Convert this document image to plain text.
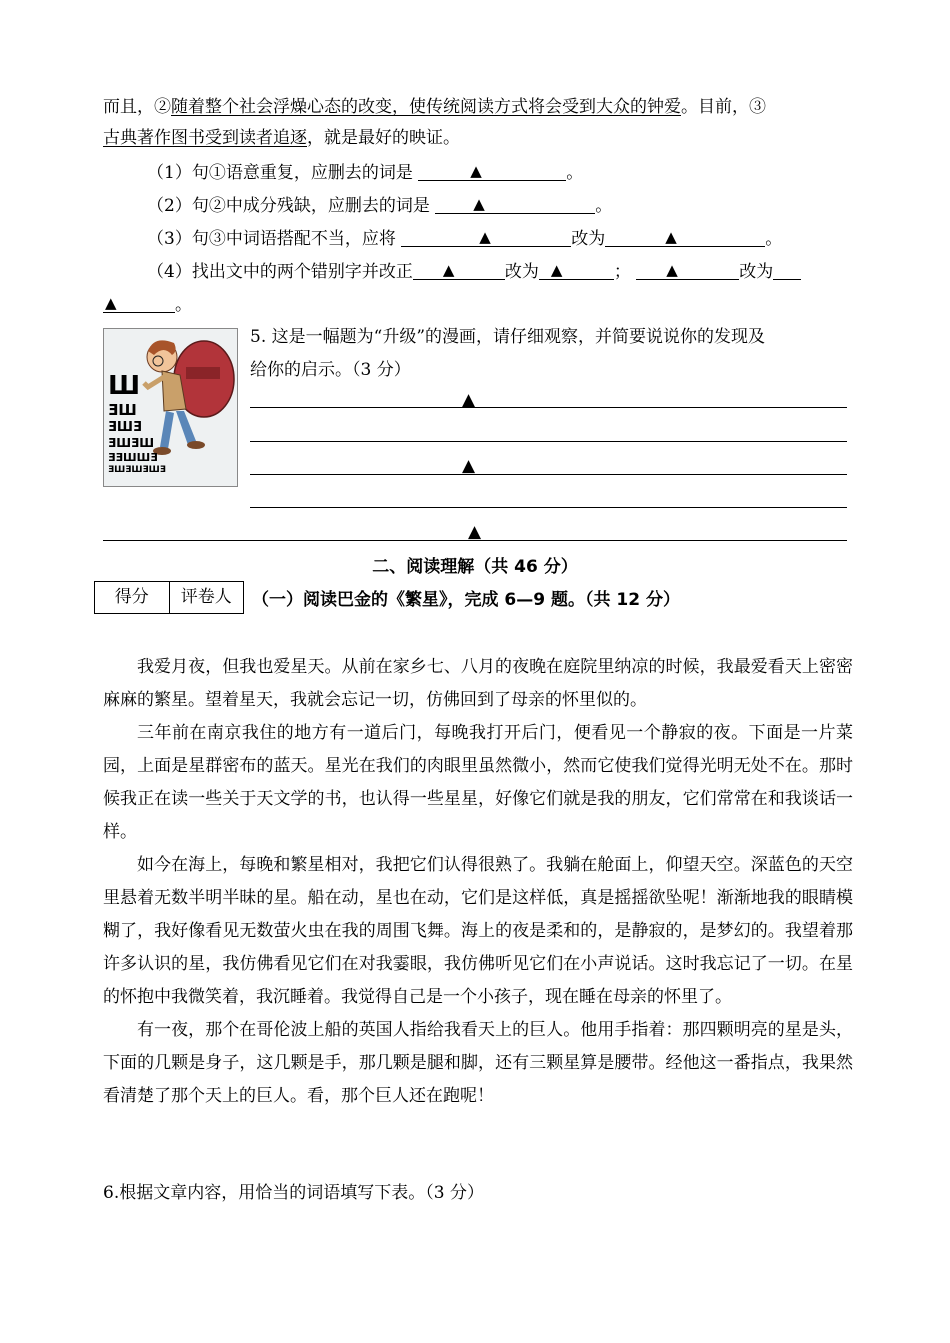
而且，②随着整个社会浮燥心态的改变，使传统阅读方式将会受到大众的钟爱。目前，③
古典著作图书受到读者追逐，就是最好的映证。
（1）句①语意重复，应删去的词是	▲	。
（2）句②中成分残缺，应删去的词是	▲	。
（3）句③中词语搭配不当，应将	▲	改为	▲	。
（4）找出文中的两个错别字并改正 ▲	改为 ▲	； ▲	改为
▲	。
Ш
ƎШ
ƎШƎ
ƎШƎШ
ƎƎШШƎ
ƎШƎШƎШƎ
5. 这是一幅题为“升级”的漫画，请仔细观察，并简要说说你的发现及
给你的启示。（3 分）
▲
▲
▲
二、阅读理解（共 46 分）
得分	评卷人	（一）阅读巴金的《繁星》，完成 6—9 题。（共 12 分）

我爱月夜，但我也爱星天。从前在家乡七、八月的夜晚在庭院里纳凉的时候，我最爱看天上密密麻麻的繁星。望着星天，我就会忘记一切，仿佛回到了母亲的怀里似的。

三年前在南京我住的地方有一道后门，每晚我打开后门，便看见一个静寂的夜。下面是一片菜园，上面是星群密布的蓝天。星光在我们的肉眼里虽然微小，然而它使我们觉得光明无处不在。那时候我正在读一些关于天文学的书，也认得一些星星，好像它们就是我的朋友，它们常常在和我谈话一样。

如今在海上，每晚和繁星相对，我把它们认得很熟了。我躺在舱面上，仰望天空。深蓝色的天空里悬着无数半明半昧的星。船在动，星也在动，它们是这样低，真是摇摇欲坠呢！渐渐地我的眼睛模糊了，我好像看见无数萤火虫在我的周围飞舞。海上的夜是柔和的，是静寂的，是梦幻的。我望着那许多认识的星，我仿佛看见它们在对我霎眼，我仿佛听见它们在小声说话。这时我忘记了一切。在星的怀抱中我微笑着，我沉睡着。我觉得自己是一个小孩子，现在睡在母亲的怀里了。

有一夜，那个在哥伦波上船的英国人指给我看天上的巨人。他用手指着：那四颗明亮的星是头，下面的几颗是身子，这几颗是手，那几颗是腿和脚，还有三颗星算是腰带。经他这一番指点，我果然看清楚了那个天上的巨人。看，那个巨人还在跑呢！

6.根据文章内容，用恰当的词语填写下表。（3 分）
